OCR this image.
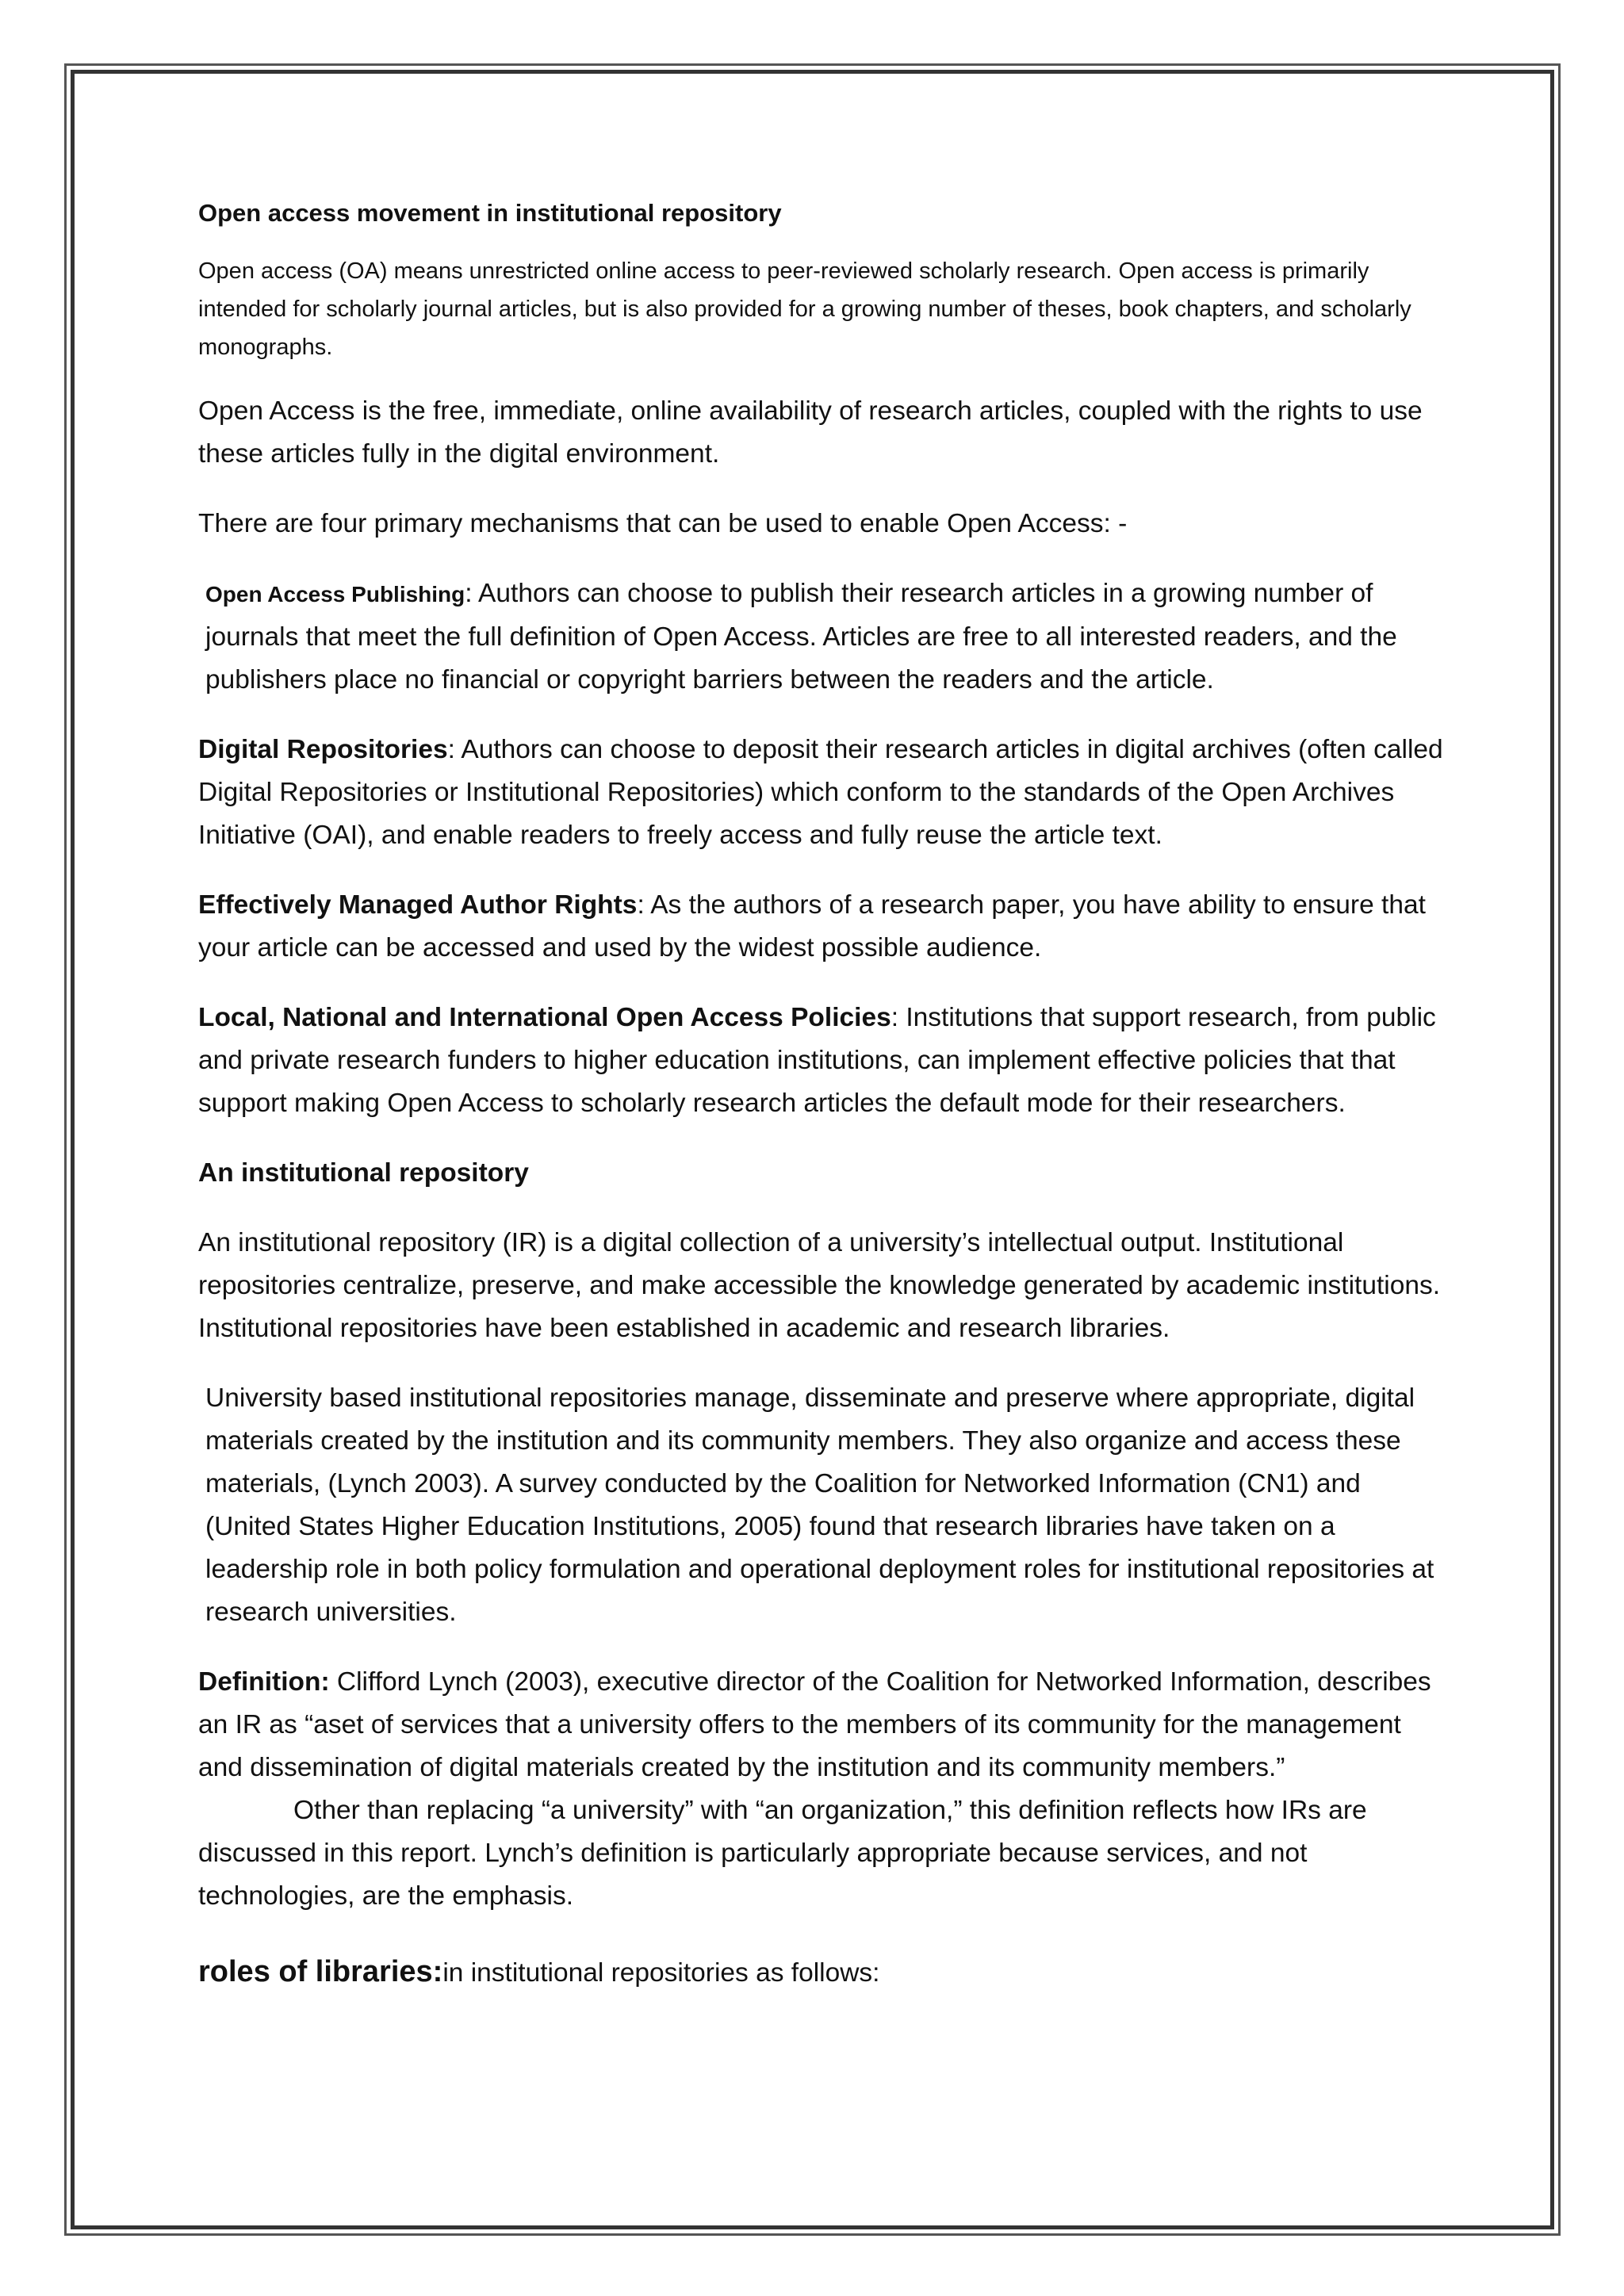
Open access movement in institutional repository

Open access (OA) means unrestricted online access to peer-reviewed scholarly research. Open access is primarily intended for scholarly journal articles, but is also provided for a growing number of theses, book chapters, and scholarly monographs.

Open Access is the free, immediate, online availability of research articles, coupled with the rights to use these articles fully in the digital environment.

There are four primary mechanisms that can be used to enable Open Access: -

Open Access Publishing: Authors can choose to publish their research articles in a growing number of journals that meet the full definition of Open Access. Articles are free to all interested readers, and the publishers place no financial or copyright barriers between the readers and the article.

Digital Repositories: Authors can choose to deposit their research articles in digital archives (often called Digital Repositories or Institutional Repositories) which conform to the standards of the Open Archives Initiative (OAI), and enable readers to freely access and fully reuse the article text.

Effectively Managed Author Rights: As the authors of a research paper, you have ability to ensure that your article can be accessed and used by the widest possible audience.

Local, National and International Open Access Policies: Institutions that support research, from public and private research funders to higher education institutions, can implement effective policies that that support making Open Access to scholarly research articles the default mode for their researchers.

An institutional repository

An institutional repository (IR) is a digital collection of a university’s intellectual output. Institutional repositories centralize, preserve, and make accessible the knowledge generated by academic institutions. Institutional repositories have been established in academic and research libraries.

University based institutional repositories manage, disseminate and preserve where appropriate, digital materials created by the institution and its community members. They also organize and access these materials, (Lynch 2003). A survey conducted by the Coalition for Networked Information (CN1) and (United States Higher Education Institutions, 2005) found that research libraries have taken on a leadership role in both policy formulation and operational deployment roles for institutional repositories at research universities.

Definition: Clifford Lynch (2003), executive director of the Coalition for Networked Information, describes an IR as “aset of services that a university offers to the members of its community for the management and dissemination of digital materials created by the institution and its community members.”

Other than replacing “a university” with “an organization,” this definition reflects how IRs are discussed in this report. Lynch’s definition is particularly appropriate because services, and not technologies, are the emphasis.

roles of libraries:in institutional repositories as follows:
